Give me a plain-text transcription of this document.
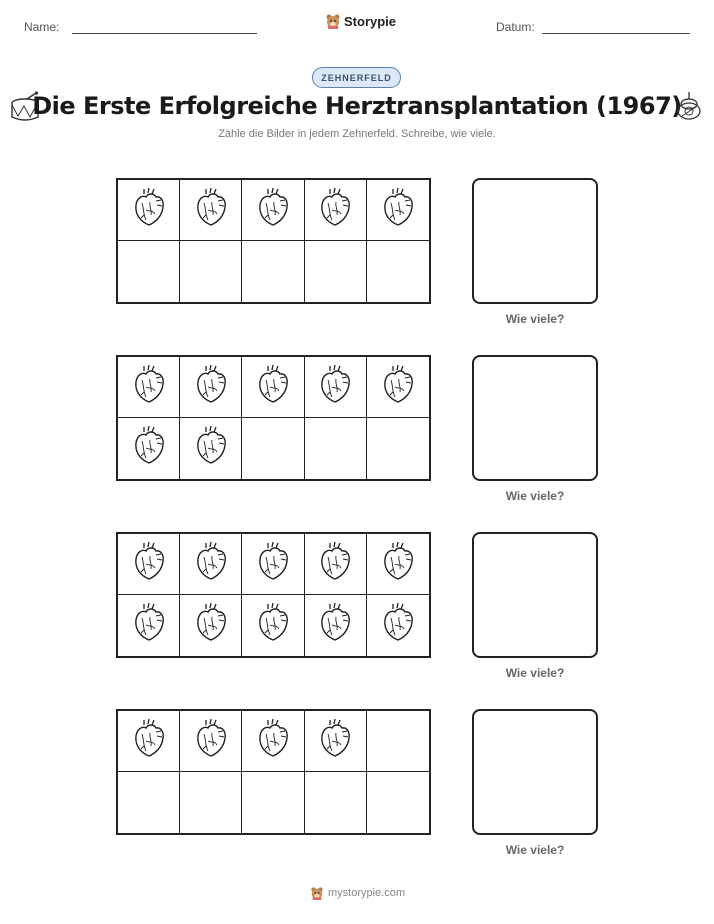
Name:	Storypie	Datum:
ZEHNERFELD
Die Erste Erfolgreiche Herztransplantation (1967)
Zähle die Bilder in jedem Zehnerfeld. Schreibe, wie viele.
Wie viele?
Wie viele?
Wie viele?
Wie viele?
mystorypie.com
